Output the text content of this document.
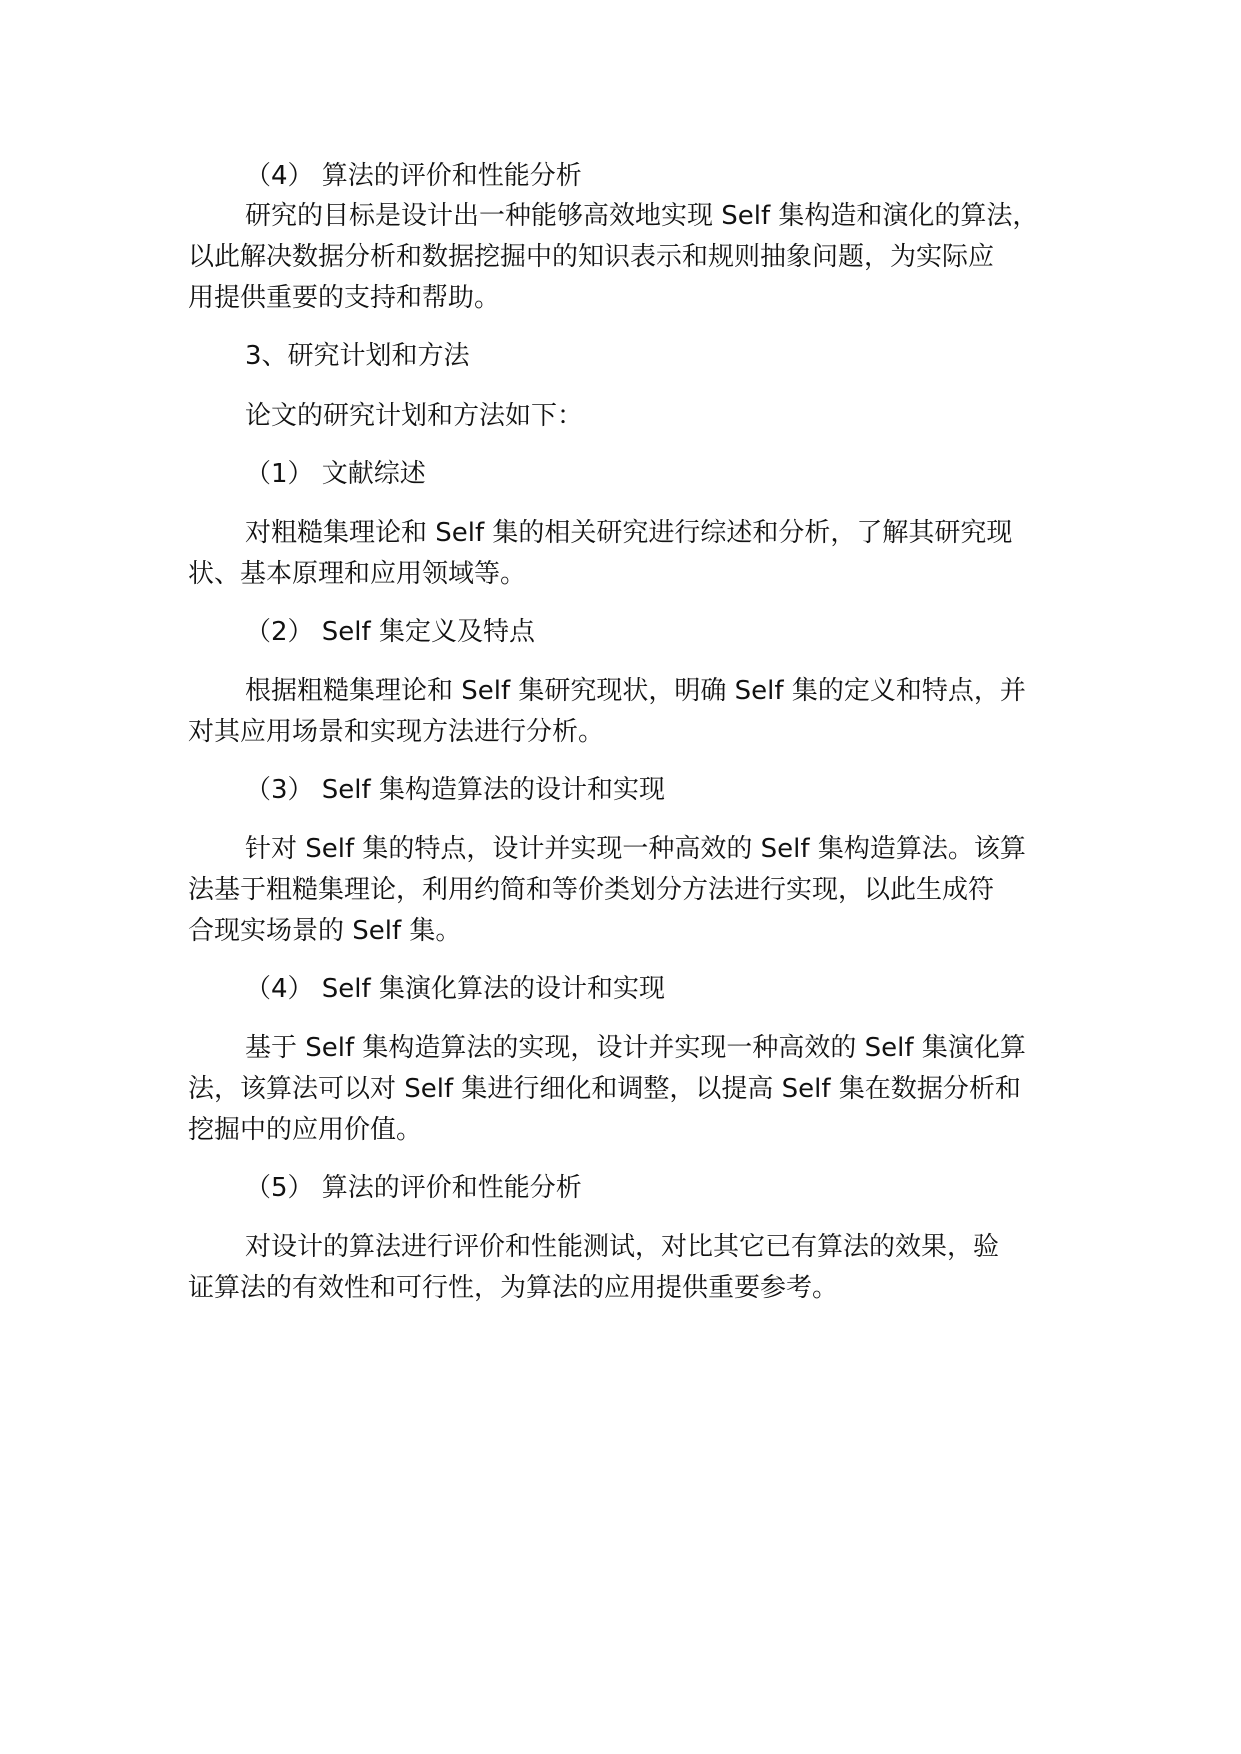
（4） 算法的评价和性能分析
研究的目标是设计出一种能够高效地实现 Self 集构造和演化的算法，
以此解决数据分析和数据挖掘中的知识表示和规则抽象问题，为实际应
用提供重要的支持和帮助。
3、研究计划和方法
论文的研究计划和方法如下：
（1） 文献综述
对粗糙集理论和 Self 集的相关研究进行综述和分析，了解其研究现
状、基本原理和应用领域等。
（2） Self 集定义及特点
根据粗糙集理论和 Self 集研究现状，明确 Self 集的定义和特点，并
对其应用场景和实现方法进行分析。
（3） Self 集构造算法的设计和实现
针对 Self 集的特点，设计并实现一种高效的 Self 集构造算法。该算
法基于粗糙集理论，利用约简和等价类划分方法进行实现，以此生成符
合现实场景的 Self 集。
（4） Self 集演化算法的设计和实现
基于 Self 集构造算法的实现，设计并实现一种高效的 Self 集演化算
法，该算法可以对 Self 集进行细化和调整，以提高 Self 集在数据分析和
挖掘中的应用价值。
（5） 算法的评价和性能分析
对设计的算法进行评价和性能测试，对比其它已有算法的效果，验
证算法的有效性和可行性，为算法的应用提供重要参考。
